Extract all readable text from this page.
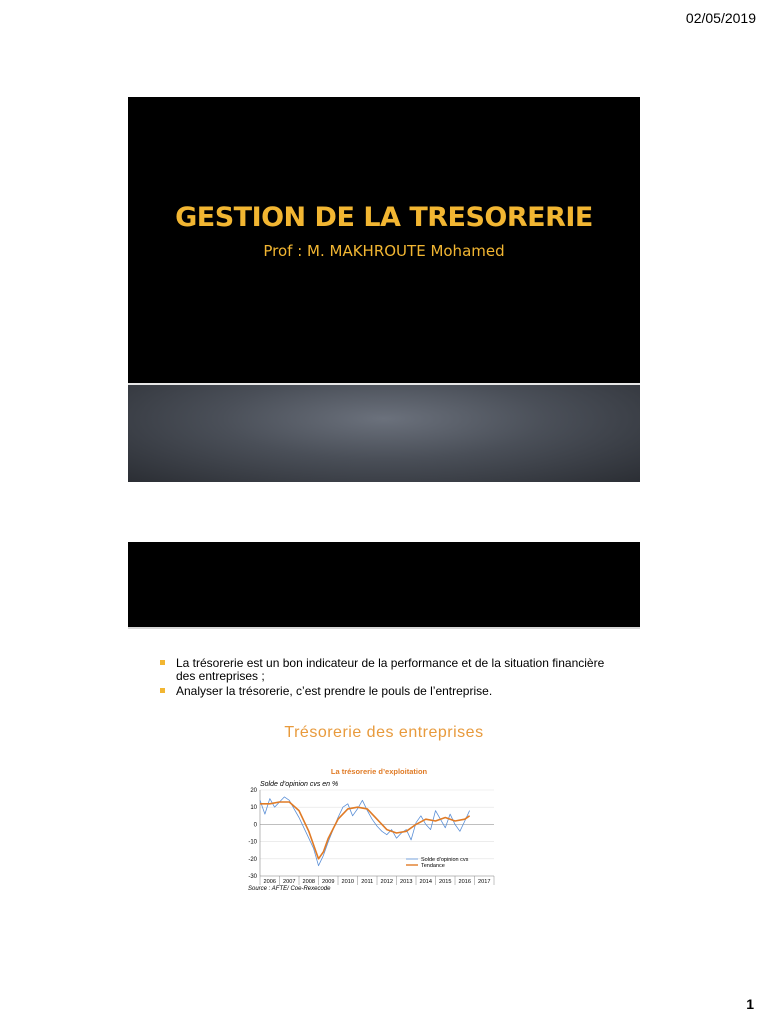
02/05/2019
GESTION DE LA TRESORERIE
Prof : M. MAKHROUTE Mohamed
La trésorerie est un bon indicateur de la performance et de la situation financière des entreprises ;
Analyser la trésorerie, c’est prendre le pouls de l’entreprise.
Trésorerie des entreprises
La trésorerie d’exploitation
Solde d’opinion cvs en %
20
10
0
-10
-20
-30
2006 2007 2008 2009 2010 2011 2012 2013 2014 2015 2016 2017
Solde d’opinion cvs
Tendance
Source : AFTE/ Coe-Rexecode
1
